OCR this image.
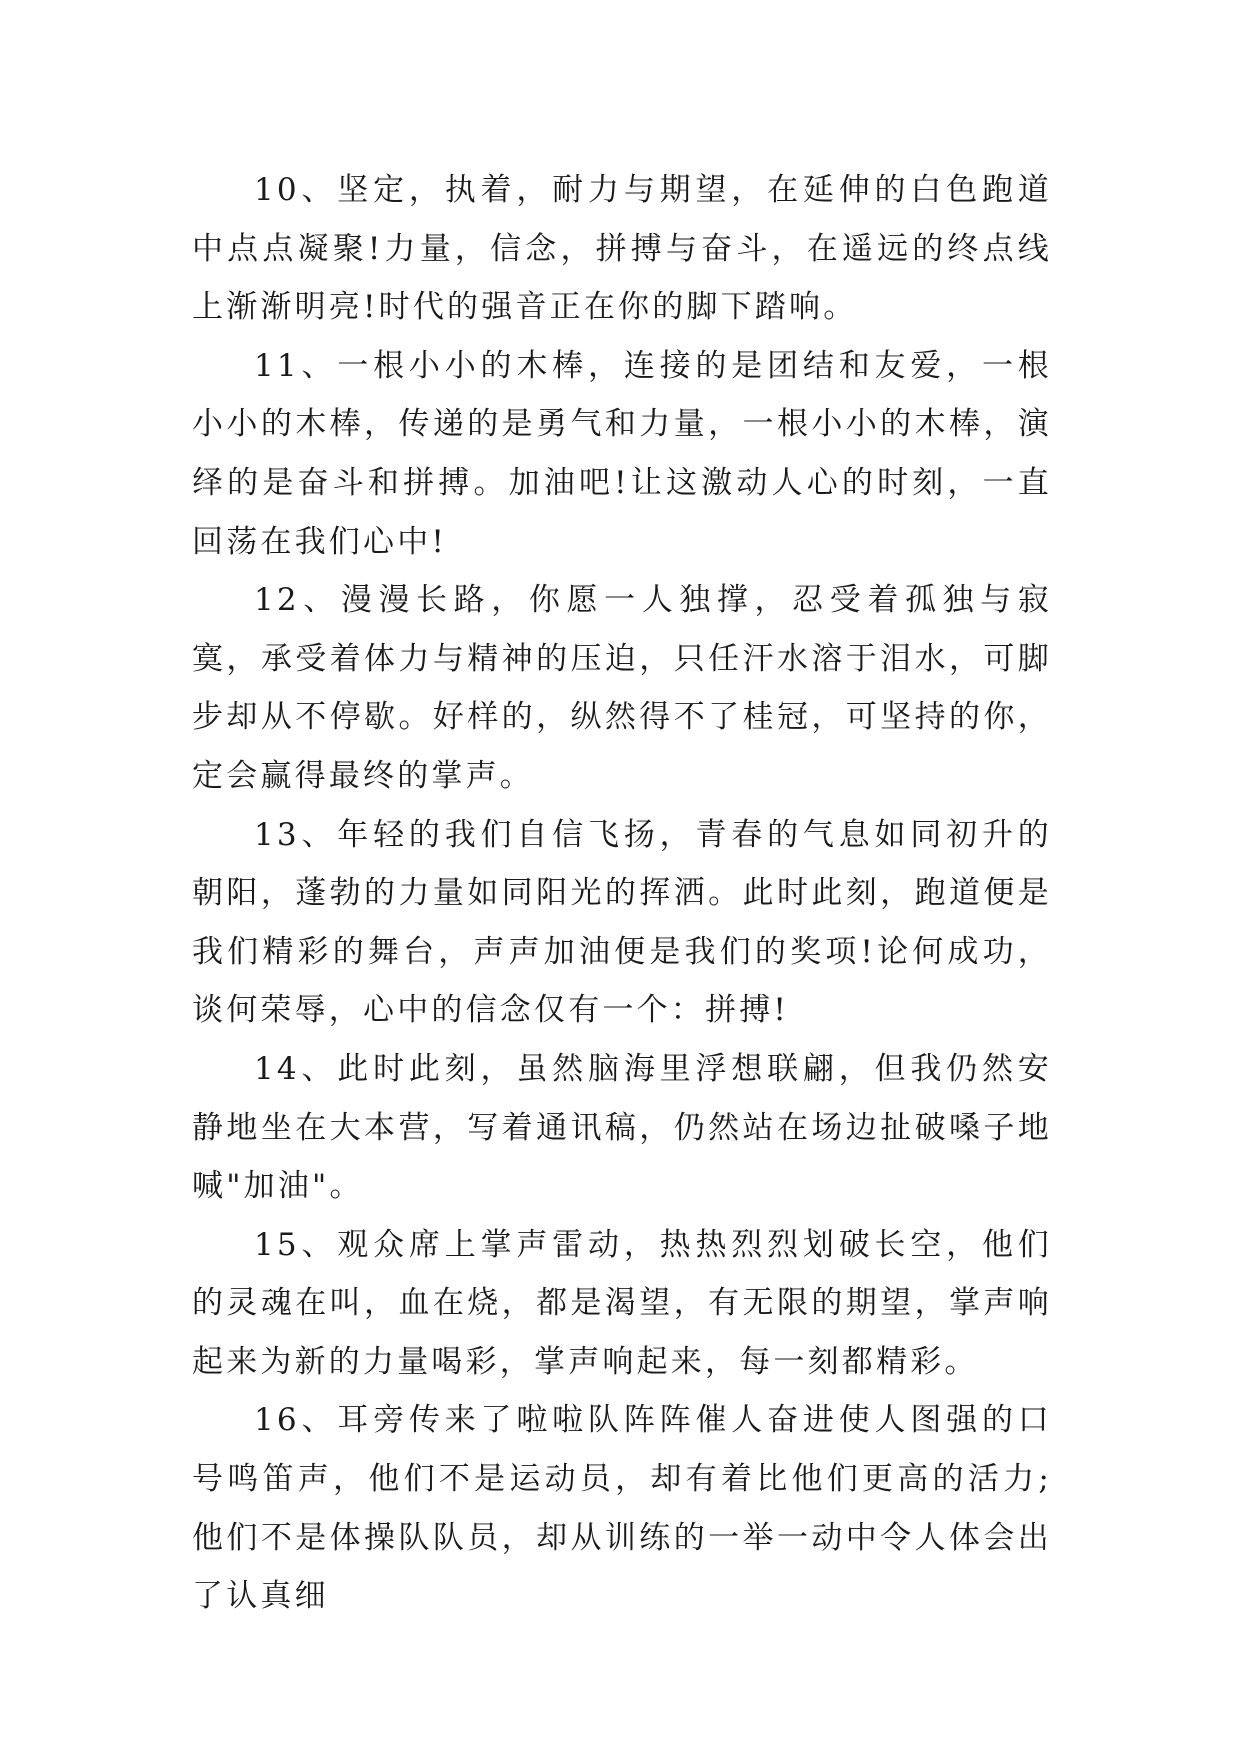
10、坚定，执着，耐力与期望，在延伸的白色跑道中点点凝聚!力量，信念，拼搏与奋斗，在遥远的终点线上渐渐明亮!时代的强音正在你的脚下踏响。

11、一根小小的木棒，连接的是团结和友爱，一根小小的木棒，传递的是勇气和力量，一根小小的木棒，演绎的是奋斗和拼搏。加油吧!让这激动人心的时刻，一直回荡在我们心中!

12、漫漫长路，你愿一人独撑，忍受着孤独与寂寞，承受着体力与精神的压迫，只任汗水溶于泪水，可脚步却从不停歇。好样的，纵然得不了桂冠，可坚持的你，定会赢得最终的掌声。

13、年轻的我们自信飞扬，青春的气息如同初升的朝阳，蓬勃的力量如同阳光的挥洒。此时此刻，跑道便是我们精彩的舞台，声声加油便是我们的奖项!论何成功，谈何荣辱，心中的信念仅有一个：拼搏!

14、此时此刻，虽然脑海里浮想联翩，但我仍然安静地坐在大本营，写着通讯稿，仍然站在场边扯破嗓子地喊"加油"。

15、观众席上掌声雷动，热热烈烈划破长空，他们的灵魂在叫，血在烧，都是渴望，有无限的期望，掌声响起来为新的力量喝彩，掌声响起来，每一刻都精彩。

16、耳旁传来了啦啦队阵阵催人奋进使人图强的口号鸣笛声，他们不是运动员，却有着比他们更高的活力;他们不是体操队队员，却从训练的一举一动中令人体会出了认真细
